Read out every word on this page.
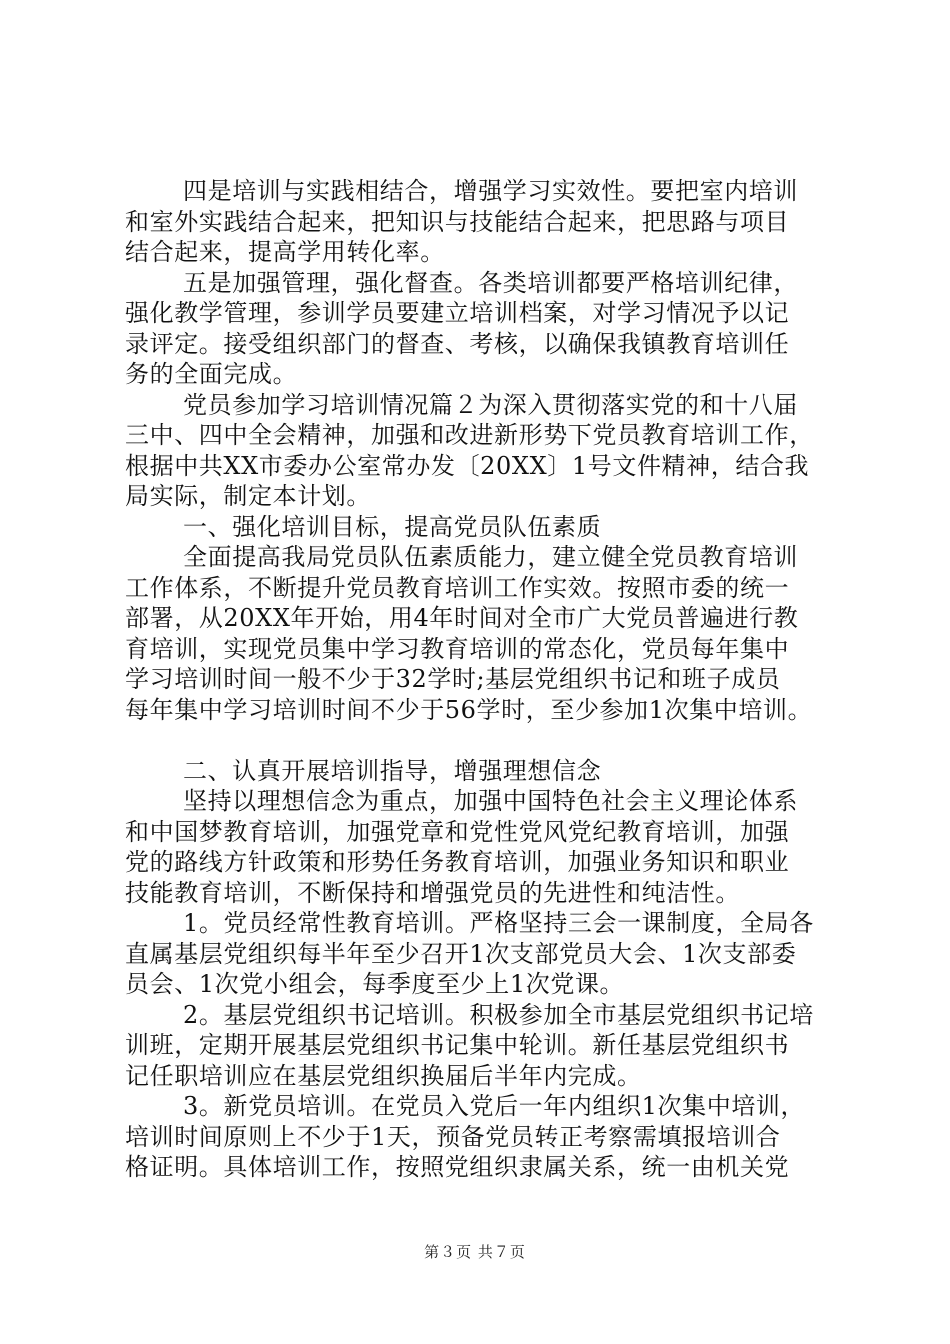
四是培训与实践相结合，增强学习实效性。要把室内培训
和室外实践结合起来，把知识与技能结合起来，把思路与项目
结合起来，提高学用转化率。
五是加强管理，强化督查。各类培训都要严格培训纪律，
强化教学管理，参训学员要建立培训档案，对学习情况予以记
录评定。接受组织部门的督查、考核，以确保我镇教育培训任
务的全面完成。
党员参加学习培训情况篇２为深入贯彻落实党的和十八届
三中、四中全会精神，加强和改进新形势下党员教育培训工作，
根据中共XX市委办公室常办发〔20XX〕1号文件精神，结合我
局实际，制定本计划。
一、强化培训目标，提高党员队伍素质
全面提高我局党员队伍素质能力，建立健全党员教育培训
工作体系，不断提升党员教育培训工作实效。按照市委的统一
部署，从20XX年开始，用4年时间对全市广大党员普遍进行教
育培训，实现党员集中学习教育培训的常态化，党员每年集中
学习培训时间一般不少于32学时;基层党组织书记和班子成员
每年集中学习培训时间不少于56学时，至少参加1次集中培训。
二、认真开展培训指导，增强理想信念
坚持以理想信念为重点，加强中国特色社会主义理论体系
和中国梦教育培训，加强党章和党性党风党纪教育培训，加强
党的路线方针政策和形势任务教育培训，加强业务知识和职业
技能教育培训，不断保持和增强党员的先进性和纯洁性。
1。党员经常性教育培训。严格坚持三会一课制度，全局各
直属基层党组织每半年至少召开1次支部党员大会、1次支部委
员会、1次党小组会，每季度至少上1次党课。
2。基层党组织书记培训。积极参加全市基层党组织书记培
训班，定期开展基层党组织书记集中轮训。新任基层党组织书
记任职培训应在基层党组织换届后半年内完成。
3。新党员培训。在党员入党后一年内组织1次集中培训，
培训时间原则上不少于1天，预备党员转正考察需填报培训合
格证明。具体培训工作，按照党组织隶属关系，统一由机关党
第３页 共７页
